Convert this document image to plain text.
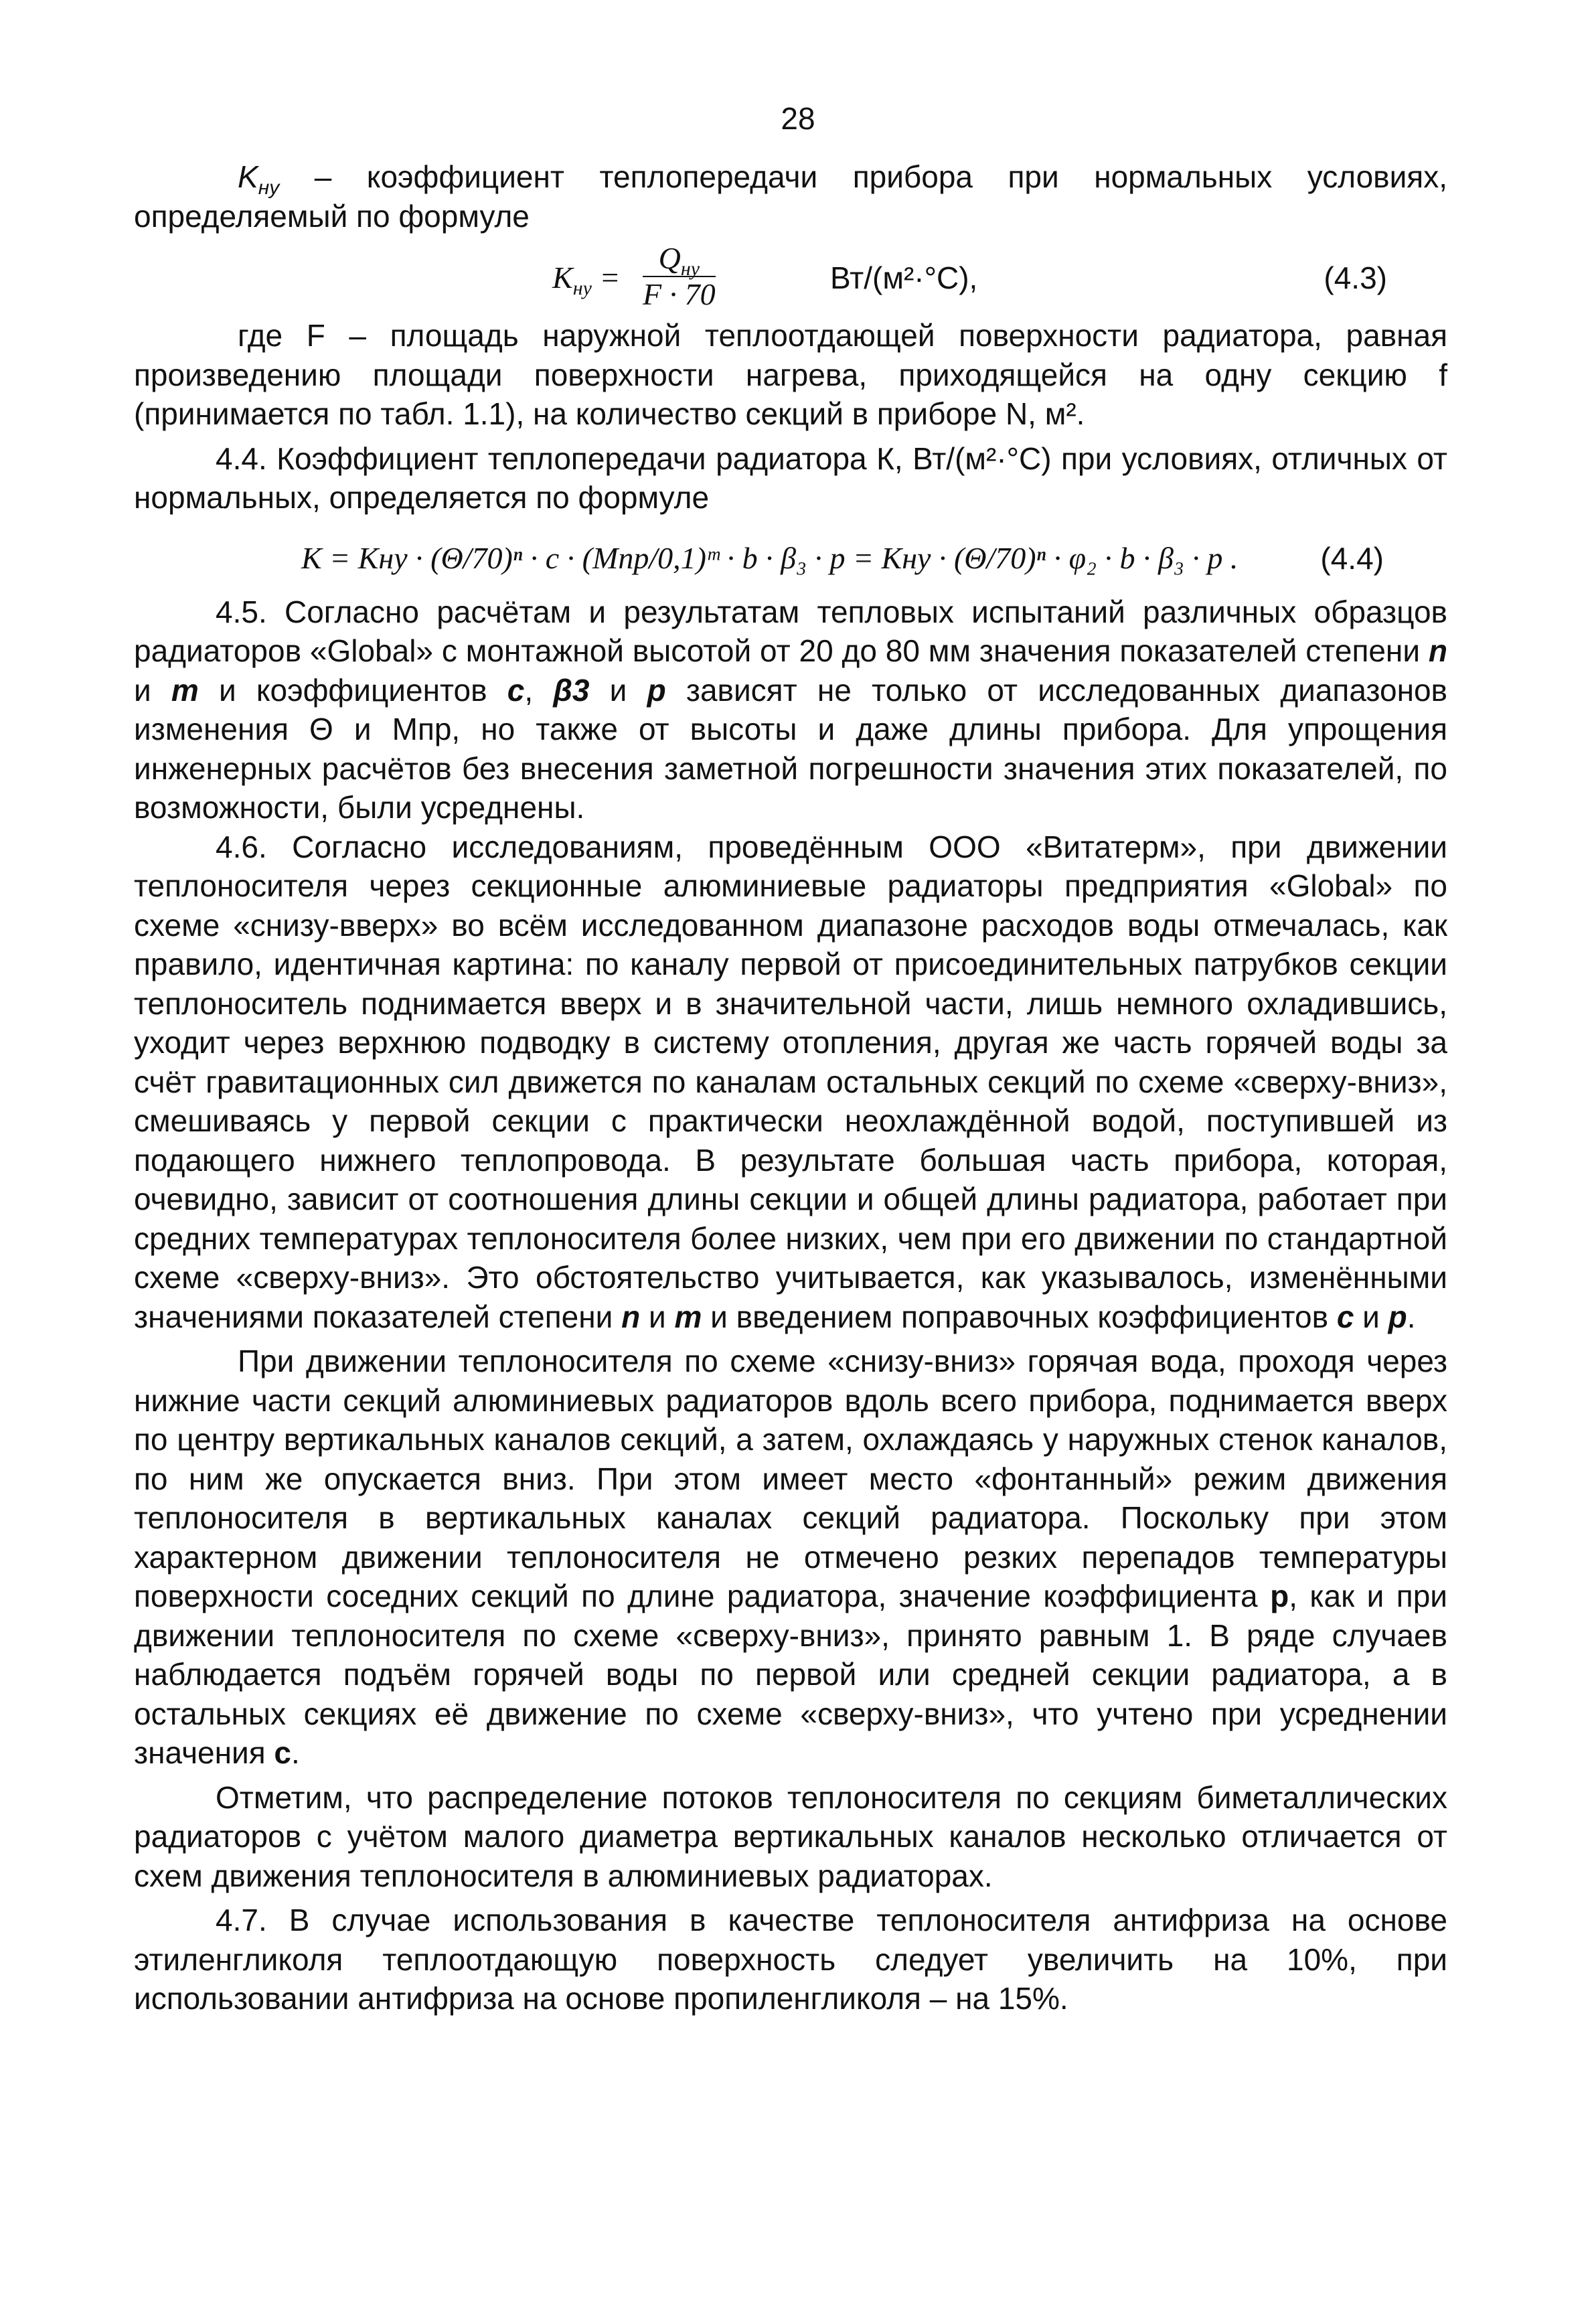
28

$K_{ну}$ – коэффициент теплопередачи прибора при нормальных условиях, определяемый по формуле

$K_{ну}$ =
$Q_{ну}$
F · 70	Вт/(м²·°С),	(4.3)

где F – площадь наружной теплоотдающей поверхности радиатора, равная произведению площади поверхности нагрева, приходящейся на одну секцию f (принимается по табл. 1.1), на количество секций в приборе N, м².

4.4. Коэффициент теплопередачи радиатора К, Вт/(м²·°С) при условиях, отличных от нормальных, определяется по формуле

K = Kну · (Θ/70)ⁿ · c · (Mпр/0,1)ᵐ · b · β₃ · p = Kну · (Θ/70)ⁿ · φ₂ · b · β₃ · p .	(4.4)

4.5. Согласно расчётам и результатам тепловых испытаний различных образцов радиаторов «Global» с монтажной высотой от 20 до 80 мм значения показателей степени n и m и коэффициентов c, β3 и p зависят не только от исследованных диапазонов изменения Θ и Mпр, но также от высоты и даже длины прибора. Для упрощения инженерных расчётов без внесения заметной погрешности значения этих показателей, по возможности, были усреднены.

4.6. Согласно исследованиям, проведённым ООО «Витатерм», при движении теплоносителя через секционные алюминиевые радиаторы предприятия «Global» по схеме «снизу-вверх» во всём исследованном диапазоне расходов воды отмечалась, как правило, идентичная картина: по каналу первой от присоединительных патрубков секции теплоноситель поднимается вверх и в значительной части, лишь немного охладившись, уходит через верхнюю подводку в систему отопления, другая же часть горячей воды за счёт гравитационных сил движется по каналам остальных секций по схеме «сверху-вниз», смешиваясь у первой секции с практически неохлаждённой водой, поступившей из подающего нижнего теплопровода. В результате большая часть прибора, которая, очевидно, зависит от соотношения длины секции и общей длины радиатора, работает при средних температурах теплоносителя более низких, чем при его движении по стандартной схеме «сверху-вниз». Это обстоятельство учитывается, как указывалось, изменёнными значениями показателей степени n и m и введением поправочных коэффициентов c и p.

При движении теплоносителя по схеме «снизу-вниз» горячая вода, проходя через нижние части секций алюминиевых радиаторов вдоль всего прибора, поднимается вверх по центру вертикальных каналов секций, а затем, охлаждаясь у наружных стенок каналов, по ним же опускается вниз. При этом имеет место «фонтанный» режим движения теплоносителя в вертикальных каналах секций радиатора. Поскольку при этом характерном движении теплоносителя не отмечено резких перепадов температуры поверхности соседних секций по длине радиатора, значение коэффициента р, как и при движении теплоносителя по схеме «сверху-вниз», принято равным 1. В ряде случаев наблюдается подъём горячей воды по первой или средней секции радиатора, а в остальных секциях её движение по схеме «сверху-вниз», что учтено при усреднении значения с.

Отметим, что распределение потоков теплоносителя по секциям биметаллических радиаторов с учётом малого диаметра вертикальных каналов несколько отличается от схем движения теплоносителя в алюминиевых радиаторах.

4.7. В случае использования в качестве теплоносителя антифриза на основе этиленгликоля теплоотдающую поверхность следует увеличить на 10%, при использовании антифриза на основе пропиленгликоля – на 15%.
